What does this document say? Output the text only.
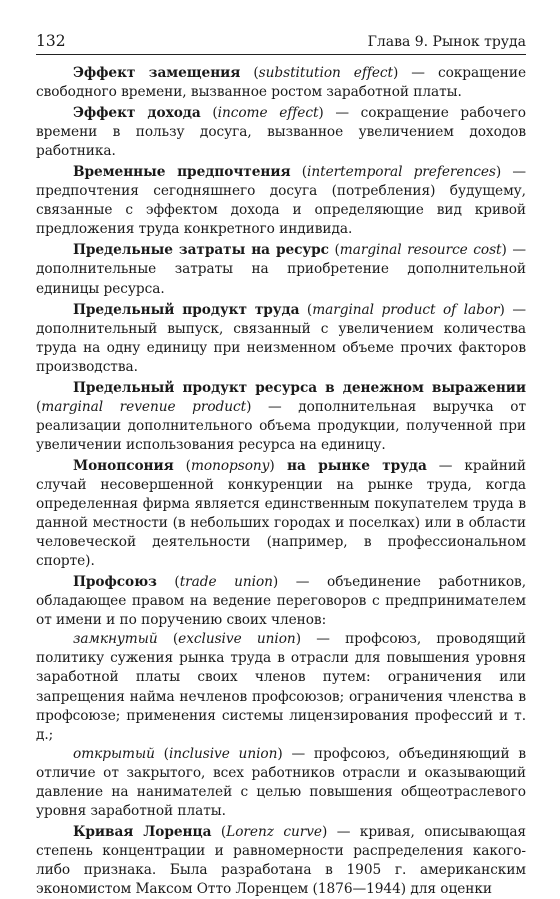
132	Глава 9. Рынок труда

Эффект замещения (substitution effect) — сокращение свободного времени, вызванное ростом заработной платы.

Эффект дохода (income effect) — сокращение рабочего времени в пользу досуга, вызванное увеличением доходов работника.

Временные предпочтения (intertemporal preferences) — предпочтения сегодняшнего досуга (потребления) будущему, связанные с эффектом дохода и определяющие вид кривой предложения труда конкретного индивида.

Предельные затраты на ресурс (marginal resource cost) — дополнительные затраты на приобретение дополнительной единицы ресурса.

Предельный продукт труда (marginal product of labor) — дополнительный выпуск, связанный с увеличением количества труда на одну единицу при неизменном объеме прочих факторов производства.

Предельный продукт ресурса в денежном выражении (marginal revenue product) — дополнительная выручка от реализации дополнительного объема продукции, полученной при увеличении использования ресурса на единицу.

Монопсония (monopsony) на рынке труда — крайний случай несовершенной конкуренции на рынке труда, когда определенная фирма является единственным покупателем труда в данной местности (в небольших городах и поселках) или в области человеческой деятельности (например, в профессиональном спорте).

Профсоюз (trade union) — объединение работников, обладающее правом на ведение переговоров с предпринимателем от имени и по поручению своих членов:

замкнутый (exclusive union) — профсоюз, проводящий политику сужения рынка труда в отрасли для повышения уровня заработной платы своих членов путем: ограничения или запрещения найма нечленов профсоюзов; ограничения членства в профсоюзе; применения системы лицензирования профессий и т. д.;

открытый (inclusive union) — профсоюз, объединяющий в отличие от закрытого, всех работников отрасли и оказывающий давление на нанимателей с целью повышения общеотраслевого уровня заработной платы.

Кривая Лоренца (Lorenz curve) — кривая, описывающая степень концентрации и равномерности распределения какого-либо признака. Была разработана в 1905 г. американским экономистом Максом Отто Лоренцем (1876—1944) для оценки
